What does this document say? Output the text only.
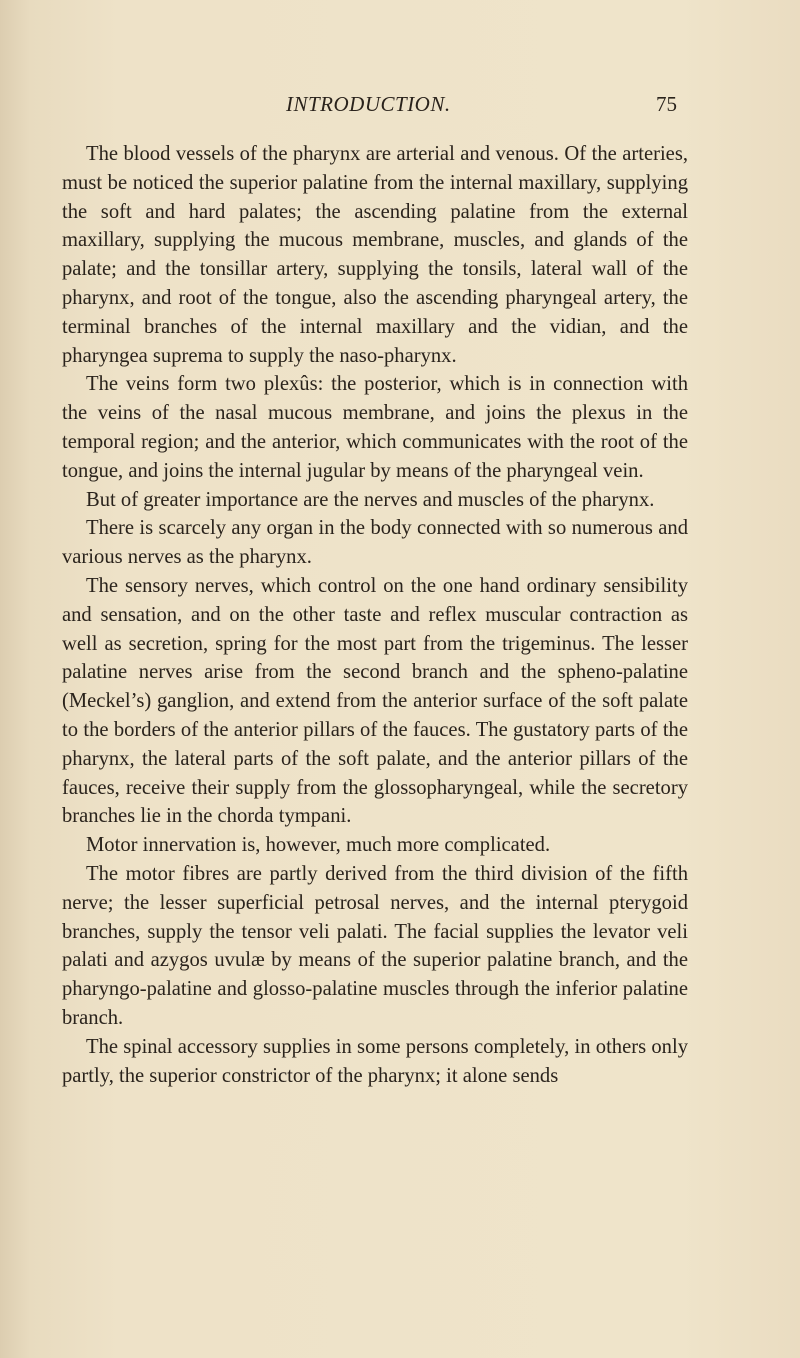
INTRODUCTION.	75

The blood vessels of the pharynx are arterial and venous. Of the arteries, must be noticed the superior palatine from the internal maxillary, supplying the soft and hard palates; the ascending palatine from the external maxillary, supplying the mucous membrane, muscles, and glands of the palate; and the tonsillar artery, supplying the tonsils, lateral wall of the pharynx, and root of the tongue, also the ascending pharyngeal artery, the terminal branches of the internal maxillary and the vidian, and the pharyngea suprema to supply the naso-pharynx.

The veins form two plexûs: the posterior, which is in connection with the veins of the nasal mucous membrane, and joins the plexus in the temporal region; and the anterior, which communicates with the root of the tongue, and joins the internal jugular by means of the pharyngeal vein.

But of greater importance are the nerves and muscles of the pharynx.

There is scarcely any organ in the body connected with so numerous and various nerves as the pharynx.

The sensory nerves, which control on the one hand ordinary sensibility and sensation, and on the other taste and reflex muscular contraction as well as secretion, spring for the most part from the trigeminus. The lesser palatine nerves arise from the second branch and the spheno-palatine (Meckel’s) ganglion, and extend from the anterior surface of the soft palate to the borders of the anterior pillars of the fauces. The gustatory parts of the pharynx, the lateral parts of the soft palate, and the anterior pillars of the fauces, receive their supply from the glossopharyngeal, while the secretory branches lie in the chorda tympani.

Motor innervation is, however, much more complicated.

The motor fibres are partly derived from the third division of the fifth nerve; the lesser superficial petrosal nerves, and the internal pterygoid branches, supply the tensor veli palati. The facial supplies the levator veli palati and azygos uvulæ by means of the superior palatine branch, and the pharyngo-palatine and glosso-palatine muscles through the inferior palatine branch.

The spinal accessory supplies in some persons completely, in others only partly, the superior constrictor of the pharynx; it alone sends
